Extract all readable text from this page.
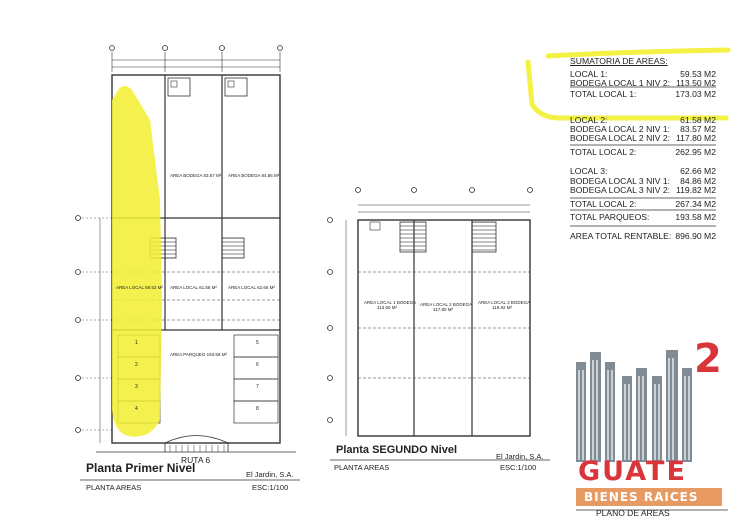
AREA BODEGA 83.57 M² AREA BODEGA 84.86 M²
AREA LOCAL 59.53 M² AREA LOCAL 61.58 M² AREA LOCAL 62.66 M²
AREA PARQUEO 193.58 M²
1
2
3
4
5
6
7
8
RUTA 6
Planta Primer Nivel	El Jardin, S.A.
PLANTA AREAS	ESC:1/100
AREA LOCAL 1 BODEGA
113.50 M²
AREA LOCAL 2 BODEGA
117.80 M²
AREA LOCAL 3 BODEGA
119.82 M²
Planta SEGUNDO Nivel
El Jardin, S.A.
PLANTA AREAS	ESC:1/100
SUMATORIA DE AREAS:
LOCAL 1:	59.53 M2
BODEGA LOCAL 1 NIV 2: 113.50 M2
TOTAL LOCAL 1:	173.03 M2
LOCAL 2:	61.58 M2
BODEGA LOCAL 2 NIV 1: 83.57 M2
BODEGA LOCAL 2 NIV 2: 117.80 M2
TOTAL LOCAL 2:	262.95 M2
LOCAL 3:	62.66 M2
BODEGA LOCAL 3 NIV 1: 84.86 M2
BODEGA LOCAL 3 NIV 2: 119.82 M2
TOTAL LOCAL 2:	267.34 M2
TOTAL PARQUEOS:	193.58 M2
AREA TOTAL RENTABLE: 896.90 M2
2
GUATE
BIENES RAICES
PLANO DE AREAS
